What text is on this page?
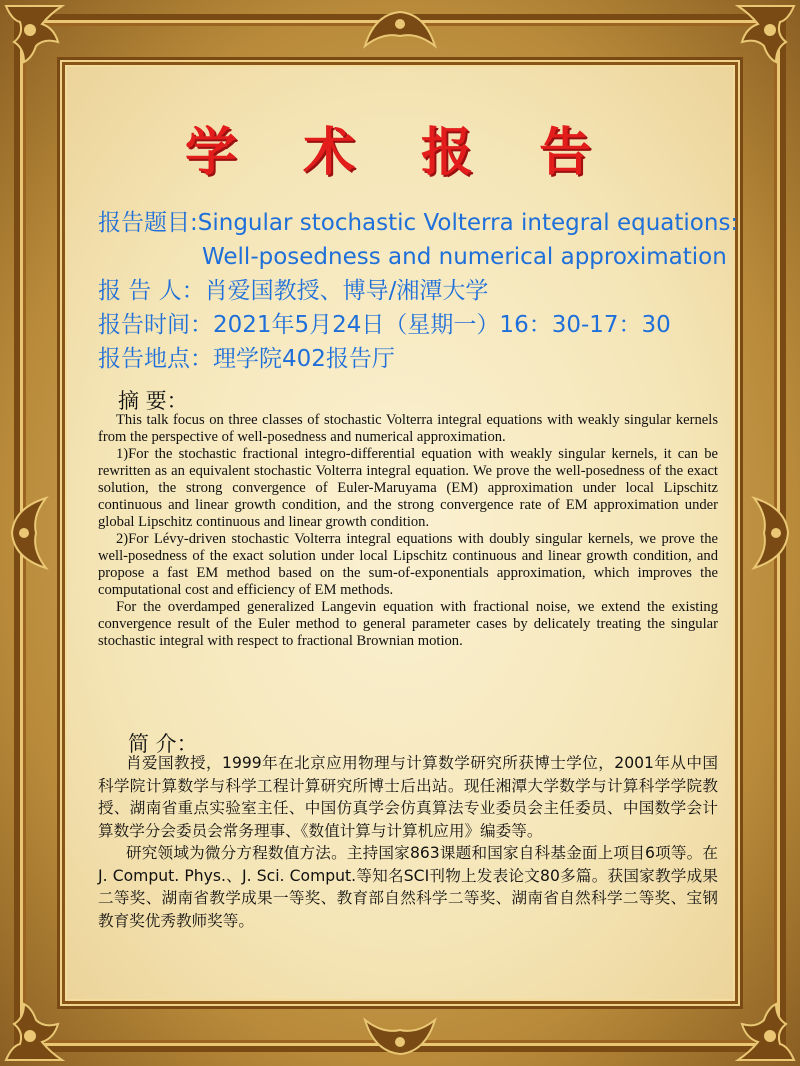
学 术 报 告
报告题目:Singular stochastic Volterra integral equations:
Well-posedness and numerical approximation
报 告 人：肖爱国教授、博导/湘潭大学
报告时间：2021年5月24日（星期一）16：30-17：30
报告地点：理学院402报告厅
摘 要：

This talk focus on three classes of stochastic Volterra integral equations with weakly singular kernels from the perspective of well-posedness and numerical approximation.

1)For the stochastic fractional integro-differential equation with weakly singular kernels, it can be rewritten as an equivalent stochastic Volterra integral equation. We prove the well-posedness of the exact solution, the strong convergence of Euler-Maruyama (EM) approximation under local Lipschitz continuous and linear growth condition, and the strong convergence rate of EM approximation under global Lipschitz continuous and linear growth condition.

2)For Lévy-driven stochastic Volterra integral equations with doubly singular kernels, we prove the well-posedness of the exact solution under local Lipschitz continuous and linear growth condition, and propose a fast EM method based on the sum-of-exponentials approximation, which improves the computational cost and efficiency of EM methods.

For the overdamped generalized Langevin equation with fractional noise, we extend the existing convergence result of the Euler method to general parameter cases by delicately treating the singular stochastic integral with respect to fractional Brownian motion.

简 介：

肖爱国教授，1999年在北京应用物理与计算数学研究所获博士学位，2001年从中国科学院计算数学与科学工程计算研究所博士后出站。现任湘潭大学数学与计算科学学院教授、湖南省重点实验室主任、中国仿真学会仿真算法专业委员会主任委员、中国数学会计算数学分会委员会常务理事、《数值计算与计算机应用》编委等。

研究领域为微分方程数值方法。主持国家863课题和国家自科基金面上项目6项等。在J. Comput. Phys.、J. Sci. Comput.等知名SCI刊物上发表论文80多篇。获国家教学成果二等奖、湖南省教学成果一等奖、教育部自然科学二等奖、湖南省自然科学二等奖、宝钢教育奖优秀教师奖等。
